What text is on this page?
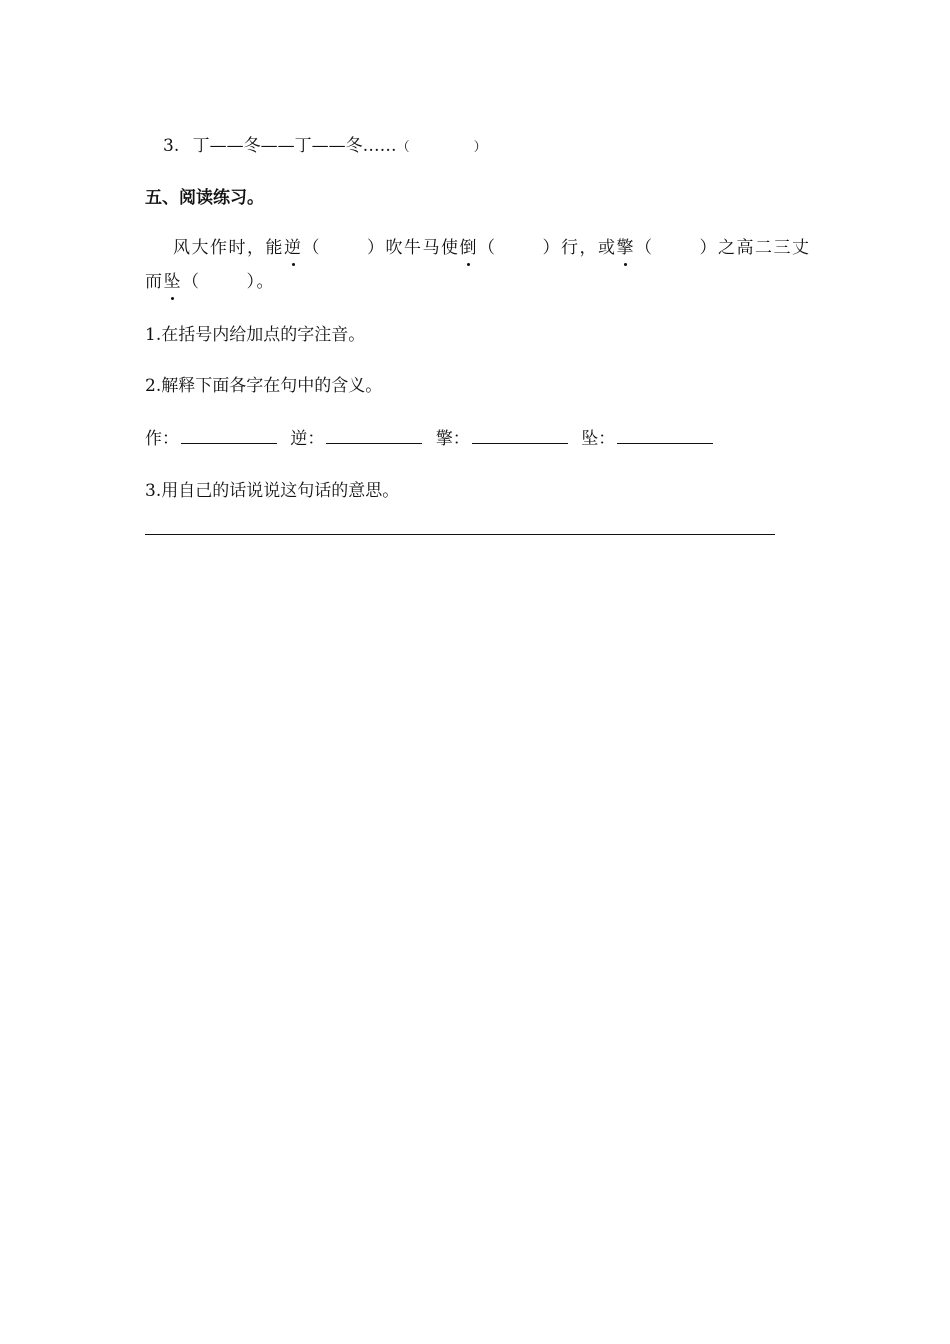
3. 丁——冬——丁——冬……（	）
五、阅读练习。
风大作时，能逆（	）吹牛马使倒（	）行，或擎（	）之高二三丈
而坠（	）。
1.在括号内给加点的字注音。
2.解释下面各字在句中的含义。
作：	逆：	擎：	坠：
3.用自己的话说说这句话的意思。
